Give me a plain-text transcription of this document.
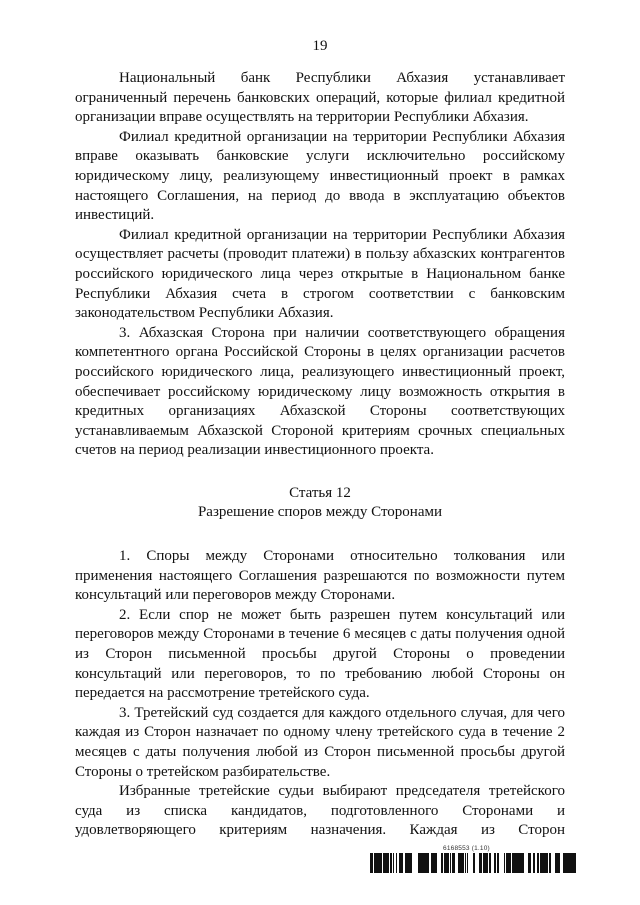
19

Национальный банк Республики Абхазия устанавливает ограниченный перечень банковских операций, которые филиал кредитной организации вправе осуществлять на территории Республики Абхазия.

Филиал кредитной организации на территории Республики Абхазия вправе оказывать банковские услуги исключительно российскому юридическому лицу, реализующему инвестиционный проект в рамках настоящего Соглашения, на период до ввода в эксплуатацию объектов инвестиций.

Филиал кредитной организации на территории Республики Абхазия осуществляет расчеты (проводит платежи) в пользу абхазских контрагентов российского юридического лица через открытые в Национальном банке Республики Абхазия счета в строгом соответствии с банковским законодательством Республики Абхазия.

3. Абхазская Сторона при наличии соответствующего обращения компетентного органа Российской Стороны в целях организации расчетов российского юридического лица, реализующего инвестиционный проект, обеспечивает российскому юридическому лицу возможность открытия в кредитных организациях Абхазской Стороны соответствующих устанавливаемым Абхазской Стороной критериям срочных специальных счетов на период реализации инвестиционного проекта.

Статья 12

Разрешение споров между Сторонами

1. Споры между Сторонами относительно толкования или применения настоящего Соглашения разрешаются по возможности путем консультаций или переговоров между Сторонами.

2. Если спор не может быть разрешен путем консультаций или переговоров между Сторонами в течение 6 месяцев с даты получения одной из Сторон письменной просьбы другой Стороны о проведении консультаций или переговоров, то по требованию любой Стороны он передается на рассмотрение третейского суда.

3. Третейский суд создается для каждого отдельного случая, для чего каждая из Сторон назначает по одному члену третейского суда в течение 2 месяцев с даты получения любой из Сторон письменной просьбы другой Стороны о третейском разбирательстве.

Избранные третейские судьи выбирают председателя третейского суда из списка кандидатов, подготовленного Сторонами и удовлетворяющего критериям назначения. Каждая из Сторон

6168553 (1.10)
